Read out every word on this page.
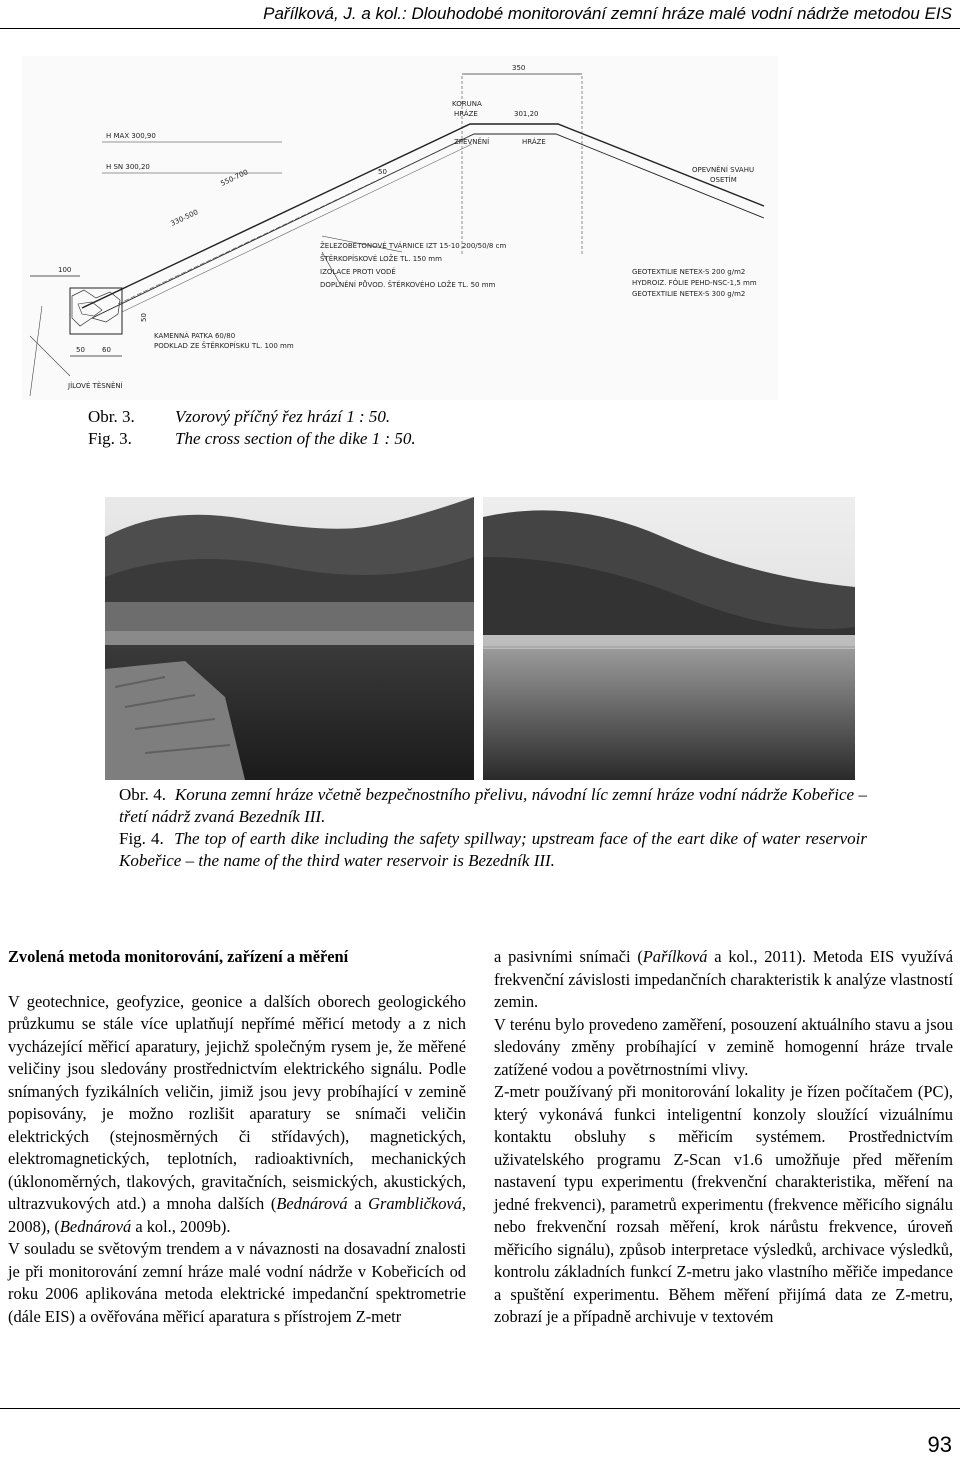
Pařílková, J. a kol.: Dlouhodobé monitorování zemní hráze malé vodní nádrže metodou EIS
350
KORUNA
HRÁZE	301,20
ZPEVNĚNÍ	HRÁZE
OPEVNĚNÍ SVAHU
OSETÍM
H MAX 300,90
H SN 300,20
550-700
330-500
50
100
50 60
50
KAMENNÁ PATKA 60/80
PODKLAD ZE ŠTĚRKOPÍSKU TL. 100 mm
JÍLOVÉ TĚSNĚNÍ
ŽELEZOBETONOVÉ TVÁRNICE IZT 15-10 200/50/8 cm
ŠTĚRKOPÍSKOVÉ LOŽE TL. 150 mm
IZOLACE PROTI VODĚ
DOPLNĚNÍ PŮVOD. ŠTĚRKOVÉHO LOŽE TL. 50 mm
GEOTEXTILIE NETEX-S 200 g/m2
HYDROIZ. FÓLIE PEHD-NSC-1,5 mm
GEOTEXTILIE NETEX-S 300 g/m2
Obr. 3. Vzorový příčný řez hrází 1 : 50.
Fig. 3.	The cross section of the dike 1 : 50.

Obr. 4. Koruna zemní hráze včetně bezpečnostního přelivu, návodní líc zemní hráze vodní nádrže Kobeřice – třetí nádrž zvaná Bezedník III.

Fig. 4. The top of earth dike including the safety spillway; upstream face of the eart dike of water reservoir Kobeřice – the name of the third water reservoir is Bezedník III.

Zvolená metoda monitorování, zařízení a měření

V geotechnice, geofyzice, geonice a dalších oborech geologického průzkumu se stále více uplatňují nepřímé měřicí metody a z nich vycházející měřicí aparatury, jejichž společným rysem je, že měřené veličiny jsou sledovány prostřednictvím elektrického signálu. Podle snímaných fyzikálních veličin, jimiž jsou jevy probíhající v zemině popisovány, je možno rozlišit aparatury se snímači veličin elektrických (stejnosměrných či střídavých), magnetických, elektromagnetických, teplotních, radioaktivních, mechanických (úklonoměrných, tlakových, gravitačních, seismických, akustických, ultrazvukových atd.) a mnoha dalších (Bednárová a Grambličková, 2008), (Bednárová a kol., 2009b).

V souladu se světovým trendem a v návaznosti na dosavadní znalosti je při monitorování zemní hráze malé vodní nádrže v Kobeřicích od roku 2006 aplikována metoda elektrické impedanční spektrometrie (dále EIS) a ověřována měřicí aparatura s přístrojem Z-metr

a pasivními snímači (Pařílková a kol., 2011). Metoda EIS využívá frekvenční závislosti impedančních charakteristik k analýze vlastností zemin.

V terénu bylo provedeno zaměření, posouzení aktuálního stavu a jsou sledovány změny probíhající v zemině homogenní hráze trvale zatížené vodou a povětrnostními vlivy.

Z-metr používaný při monitorování lokality je řízen počítačem (PC), který vykonává funkci inteligentní konzoly sloužící vizuálnímu kontaktu obsluhy s měřicím systémem. Prostřednictvím uživatelského programu Z-Scan v1.6 umožňuje před měřením nastavení typu experimentu (frekvenční charakteristika, měření na jedné frekvenci), parametrů experimentu (frekvence měřicího signálu nebo frekvenční rozsah měření, krok nárůstu frekvence, úroveň měřicího signálu), způsob interpretace výsledků, archivace výsledků, kontrolu základních funkcí Z-metru jako vlastního měřiče impedance a spuštění experimentu. Během měření přijímá data ze Z-metru, zobrazí je a případně archivuje v textovém

93
